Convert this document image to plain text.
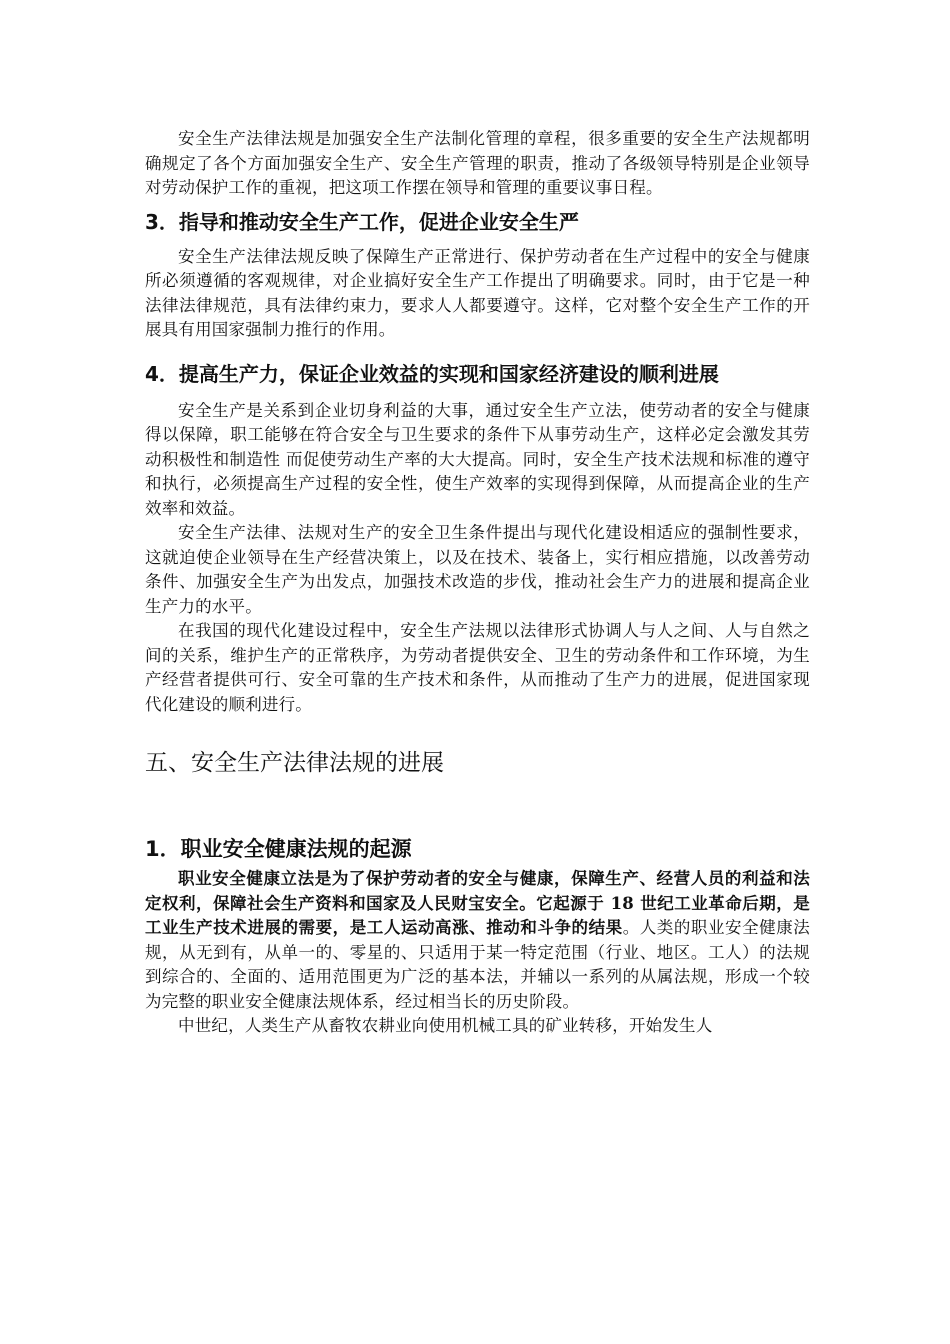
安全生产法律法规是加强安全生产法制化管理的章程，很多重要的安全生产法规都明确规定了各个方面加强安全生产、安全生产管理的职责，推动了各级领导特别是企业领导对劳动保护工作的重视，把这项工作摆在领导和管理的重要议事日程。

3．指导和推动安全生产工作，促进企业安全生严

安全生产法律法规反映了保障生产正常进行、保护劳动者在生产过程中的安全与健康所必须遵循的客观规律，对企业搞好安全生产工作提出了明确要求。同时，由于它是一种法律法律规范，具有法律约束力，要求人人都要遵守。这样，它对整个安全生产工作的开展具有用国家强制力推行的作用。

4．提高生产力，保证企业效益的实现和国家经济建设的顺利进展

安全生产是关系到企业切身利益的大事，通过安全生产立法，使劳动者的安全与健康得以保障，职工能够在符合安全与卫生要求的条件下从事劳动生产，这样必定会激发其劳动积极性和制造性 而促使劳动生产率的大大提高。同时，安全生产技术法规和标准的遵守和执行，必须提高生产过程的安全性，使生产效率的实现得到保障，从而提高企业的生产效率和效益。

安全生产法律、法规对生产的安全卫生条件提出与现代化建设相适应的强制性要求，这就迫使企业领导在生产经营决策上，以及在技术、装备上，实行相应措施，以改善劳动条件、加强安全生产为出发点，加强技术改造的步伐，推动社会生产力的进展和提高企业生产力的水平。

在我国的现代化建设过程中，安全生产法规以法律形式协调人与人之间、人与自然之间的关系，维护生产的正常秩序，为劳动者提供安全、卫生的劳动条件和工作环境，为生产经营者提供可行、安全可靠的生产技术和条件，从而推动了生产力的进展，促进国家现代化建设的顺利进行。

五、安全生产法律法规的进展
1．职业安全健康法规的起源

职业安全健康立法是为了保护劳动者的安全与健康，保障生产、经营人员的利益和法定权利，保障社会生产资料和国家及人民财宝安全。它起源于 18 世纪工业革命后期，是工业生产技术进展的需要，是工人运动高涨、推动和斗争的结果。人类的职业安全健康法规，从无到有，从单一的、零星的、只适用于某一特定范围（行业、地区。工人）的法规到综合的、全面的、适用范围更为广泛的基本法，并辅以一系列的从属法规，形成一个较为完整的职业安全健康法规体系，经过相当长的历史阶段。

中世纪，人类生产从畜牧农耕业向使用机械工具的矿业转移，开始发生人
